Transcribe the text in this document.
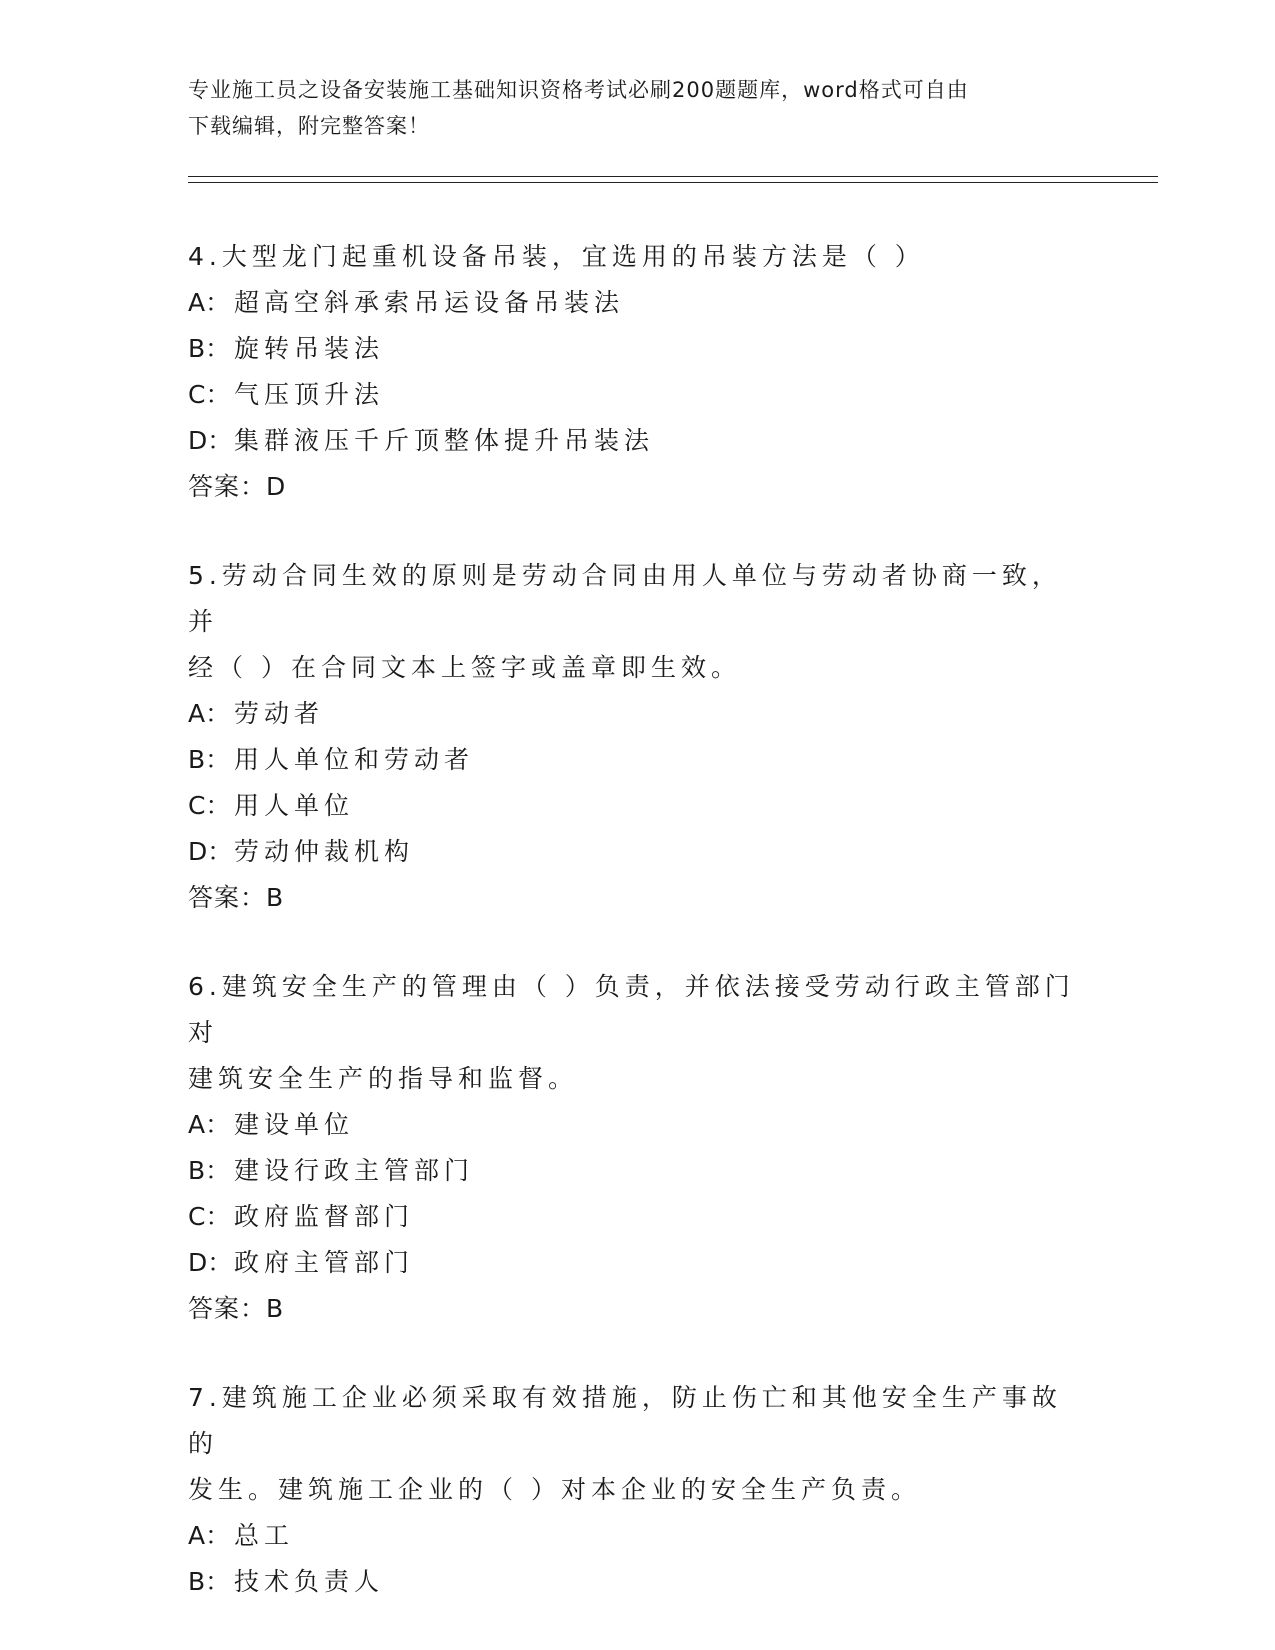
专业施工员之设备安装施工基础知识资格考试必刷200题题库，word格式可自由
下载编辑，附完整答案！
4.大型龙门起重机设备吊装，宜选用的吊装方法是（ ）
A： 超高空斜承索吊运设备吊装法
B： 旋转吊装法
C： 气压顶升法
D：集群液压千斤顶整体提升吊装法
答案：D
5.劳动合同生效的原则是劳动合同由用人单位与劳动者协商一致，并
经（ ）在合同文本上签字或盖章即生效。
A： 劳动者
B： 用人单位和劳动者
C： 用人单位
D：劳动仲裁机构
答案：B
6.建筑安全生产的管理由（ ）负责，并依法接受劳动行政主管部门对
建筑安全生产的指导和监督。
A： 建设单位
B： 建设行政主管部门
C： 政府监督部门
D：政府主管部门
答案：B
7.建筑施工企业必须采取有效措施，防止伤亡和其他安全生产事故的
发生。建筑施工企业的（ ）对本企业的安全生产负责。
A： 总工
B： 技术负责人
